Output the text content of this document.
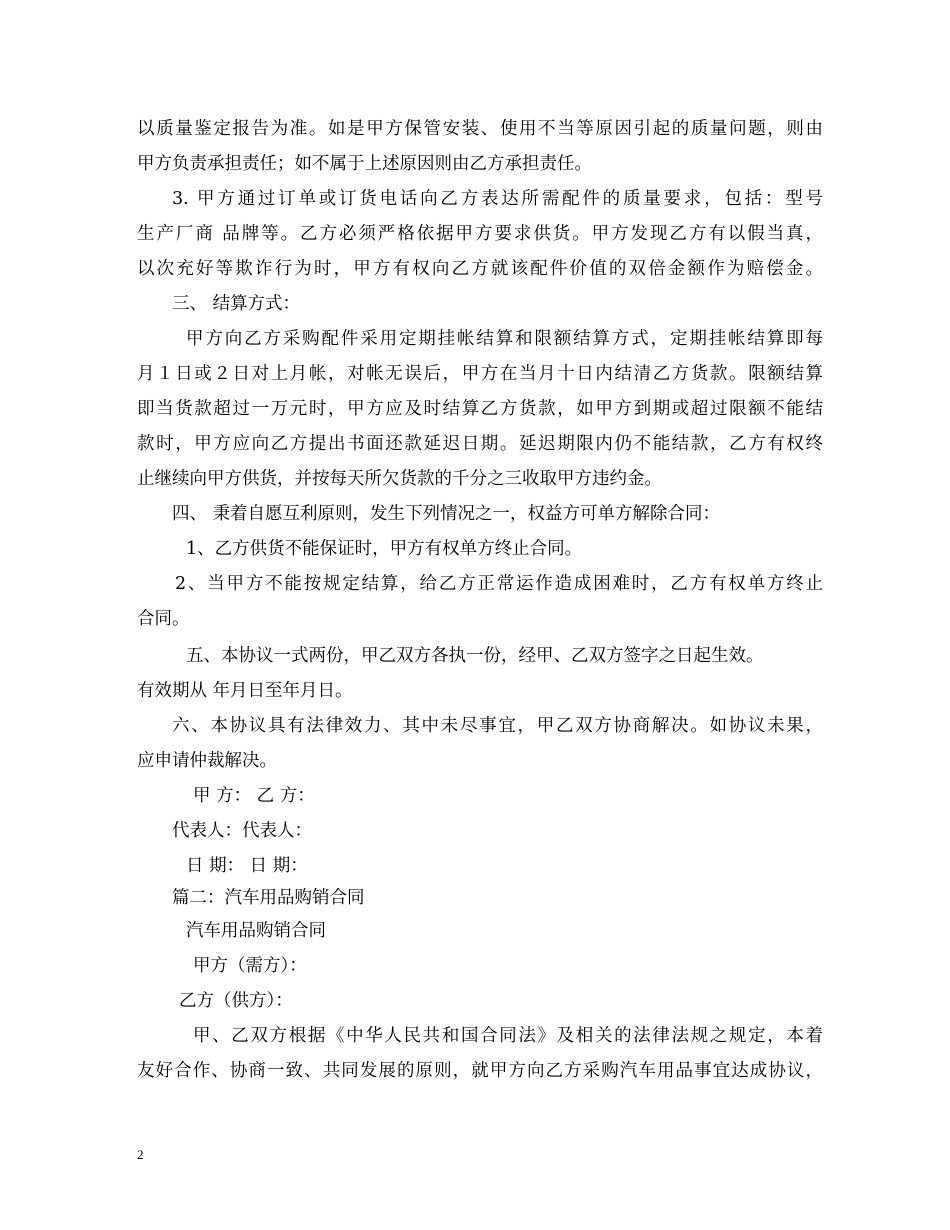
以质量鉴定报告为准。如是甲方保管安装、使用不当等原因引起的质量问题，则由
甲方负责承担责任；如不属于上述原因则由乙方承担责任。
3. 甲方通过订单或订货电话向乙方表达所需配件的质量要求，包括：型号
生产厂商 品牌等。乙方必须严格依据甲方要求供货。甲方发现乙方有以假当真，
以次充好等欺诈行为时，甲方有权向乙方就该配件价值的双倍金额作为赔偿金。
三、 结算方式：
甲方向乙方采购配件采用定期挂帐结算和限额结算方式，定期挂帐结算即每
月１日或２日对上月帐，对帐无误后，甲方在当月十日内结清乙方货款。限额结算
即当货款超过一万元时，甲方应及时结算乙方货款，如甲方到期或超过限额不能结
款时，甲方应向乙方提出书面还款延迟日期。延迟期限内仍不能结款，乙方有权终
止继续向甲方供货，并按每天所欠货款的千分之三收取甲方违约金。
四、 秉着自愿互利原则，发生下列情况之一，权益方可单方解除合同：
1、乙方供货不能保证时，甲方有权单方终止合同。
2、当甲方不能按规定结算，给乙方正常运作造成困难时，乙方有权单方终止
合同。
五、本协议一式两份，甲乙双方各执一份，经甲、乙双方签字之日起生效。
有效期从 年月日至年月日。
六、本协议具有法律效力、其中未尽事宜，甲乙双方协商解决。如协议未果，
应申请仲裁解决。
甲 方： 乙 方：
代表人：代表人：
日 期： 日 期：
篇二：汽车用品购销合同
汽车用品购销合同
甲方（需方）：
乙方（供方）：
甲、乙双方根据《中华人民共和国合同法》及相关的法律法规之规定，本着
友好合作、协商一致、共同发展的原则，就甲方向乙方采购汽车用品事宜达成协议，
2
